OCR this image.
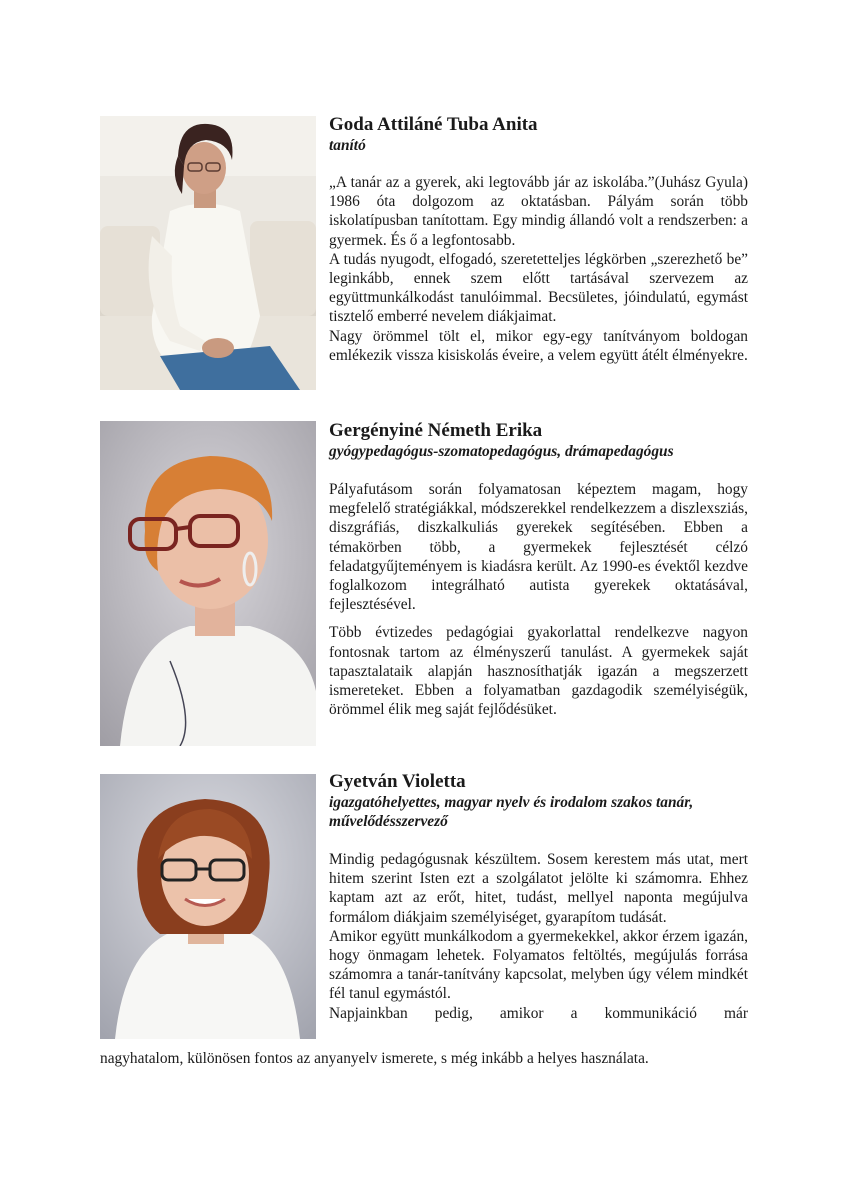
Goda Attiláné Tuba Anita

tanító

„A tanár az a gyerek, aki legtovább jár az iskolába.”(Juhász Gyula) 1986 óta dolgozom az oktatásban. Pályám során több iskolatípusban tanítottam. Egy mindig állandó volt a rendszerben: a gyermek. És ő a legfontosabb.

A tudás nyugodt, elfogadó, szeretetteljes légkörben „szerezhető be” leginkább, ennek szem előtt tartásával szervezem az együttmunkálkodást tanulóimmal. Becsületes, jóindulatú, egymást tisztelő emberré nevelem diákjaimat.

Nagy örömmel tölt el, mikor egy-egy tanítványom boldogan emlékezik vissza kisiskolás éveire, a velem együtt átélt élményekre.

Gergényiné Németh Erika

gyógypedagógus-szomatopedagógus, drámapedagógus

Pályafutásom során folyamatosan képeztem magam, hogy megfelelő stratégiákkal, módszerekkel rendelkezzem a diszlexsziás, diszgráfiás, diszkalkuliás gyerekek segítésében. Ebben a témakörben több, a gyermekek fejlesztését célzó feladatgyűjteményem is kiadásra került. Az 1990-es évektől kezdve foglalkozom integrálható autista gyerekek oktatásával, fejlesztésével.

Több évtizedes pedagógiai gyakorlattal rendelkezve nagyon fontosnak tartom az élményszerű tanulást. A gyermekek saját tapasztalataik alapján hasznosíthatják igazán a megszerzett ismereteket. Ebben a folyamatban gazdagodik személyiségük, örömmel élik meg saját fejlődésüket.

Gyetván Violetta

igazgatóhelyettes, magyar nyelv és irodalom szakos tanár, művelődésszervező

Mindig pedagógusnak készültem. Sosem kerestem más utat, mert hitem szerint Isten ezt a szolgálatot jelölte ki számomra. Ehhez kaptam azt az erőt, hitet, tudást, mellyel naponta megújulva formálom diákjaim személyiséget, gyarapítom tudását.

Amikor együtt munkálkodom a gyermekekkel, akkor érzem igazán, hogy önmagam lehetek. Folyamatos feltöltés, megújulás forrása számomra a tanár-tanítvány kapcsolat, melyben úgy vélem mindkét fél tanul egymástól.

Napjainkban pedig, amikor a kommunikáció már

nagyhatalom, különösen fontos az anyanyelv ismerete, s még inkább a helyes használata.
